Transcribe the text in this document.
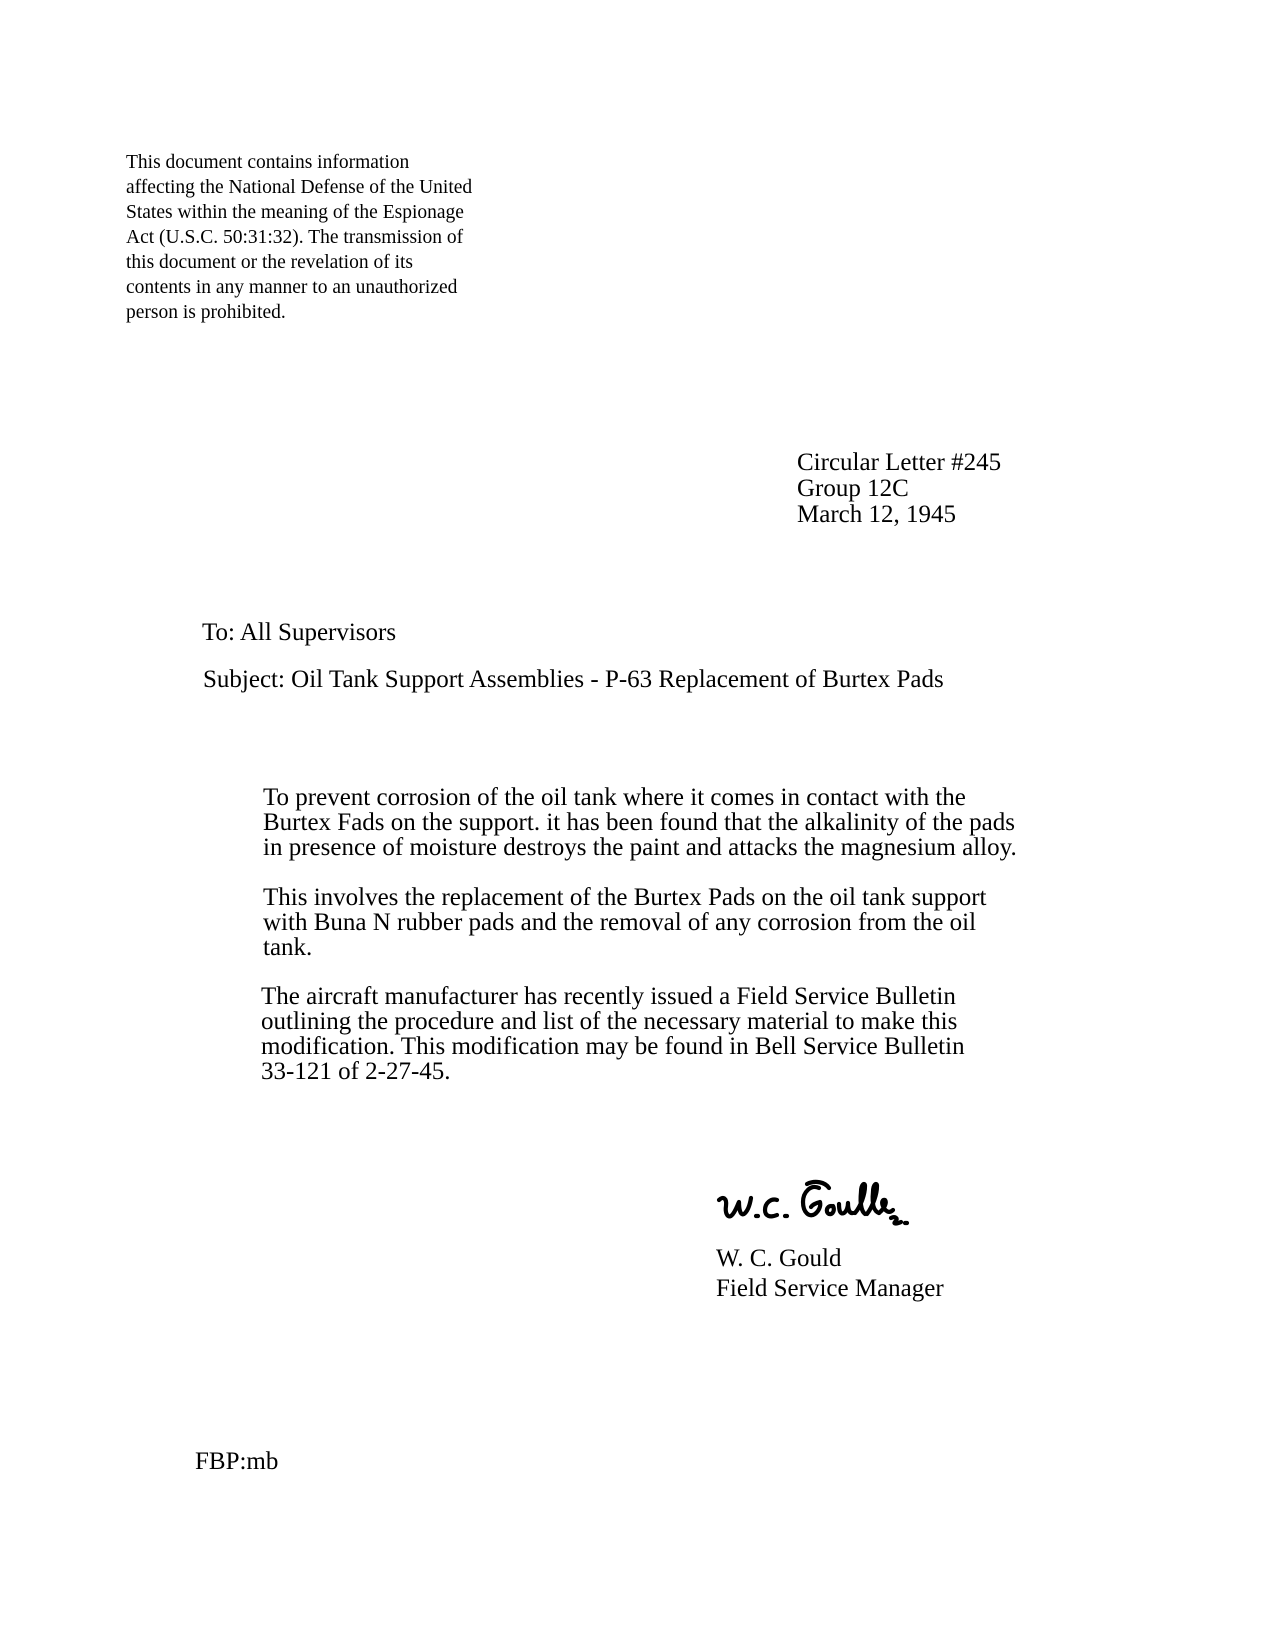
This document contains information
affecting the National Defense of the United
States within the meaning of the Espionage
Act (U.S.C. 50:31:32). The transmission of
this document or the revelation of its
contents in any manner to an unauthorized
person is prohibited.
Circular Letter #245
Group 12C
March 12, 1945
To: All Supervisors
Subject: Oil Tank Support Assemblies - P-63 Replacement of Burtex Pads
To prevent corrosion of the oil tank where it comes in contact with the
Burtex Fads on the support. it has been found that the alkalinity of the pads
in presence of moisture destroys the paint and attacks the magnesium alloy.
This involves the replacement of the Burtex Pads on the oil tank support
with Buna N rubber pads and the removal of any corrosion from the oil
tank.
The aircraft manufacturer has recently issued a Field Service Bulletin
outlining the procedure and list of the necessary material to make this
modification. This modification may be found in Bell Service Bulletin
33-121 of 2-27-45.
W. C. Gould
Field Service Manager
FBP:mb
